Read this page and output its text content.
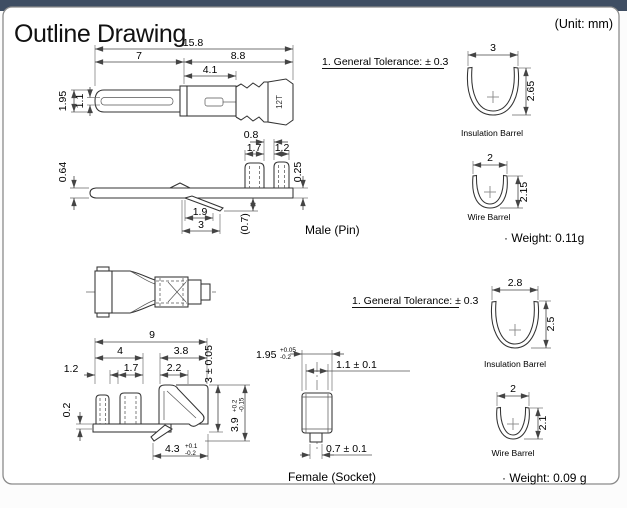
Outline Drawing	(Unit: mm)
12T
15.8
7	8.8
4.1
1.95 1.1
0.8
1.7 1.2
0.64	0.25
1.9
3	(0.7)	Male (Pin)
1. General Tolerance: ± 0.3
3
2.65
Insulation Barrel
2
2.15
Wire Barrel
· Weight: 0.11g
9
4	3.8
1.2	1.7	2.2
0.2
3 ± 0.05
3.9
+0.2 -0.15
4.3 +0.1
-0.2
1.95 +0.05
-0.2
1.1 ± 0.1
0.7 ± 0.1
Female (Socket)
1. General Tolerance: ± 0.3
2.8
2.5
Insulation Barrel
2
2.1
Wire Barrel
· Weight: 0.09 g
